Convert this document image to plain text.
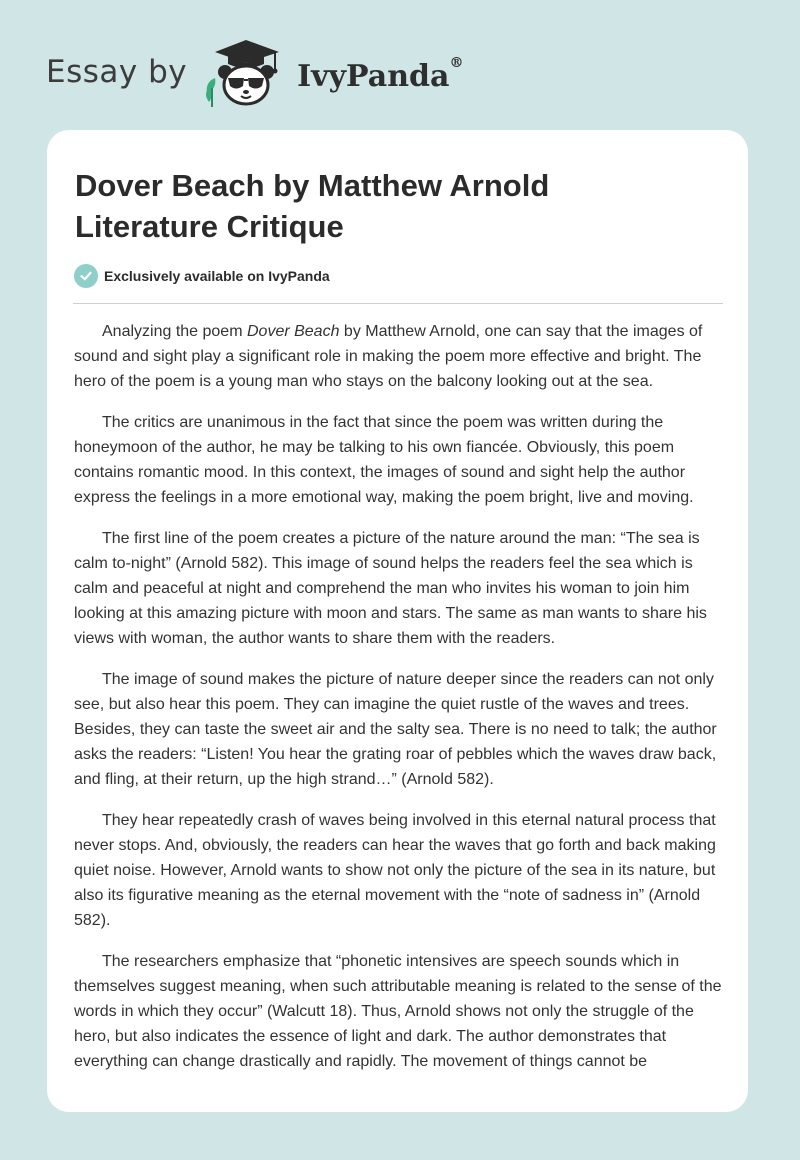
Essay by	IvyPanda®
Dover Beach by Matthew Arnold
Literature Critique
Exclusively available on IvyPanda

Analyzing the poem Dover Beach by Matthew Arnold, one can say that the images of sound and sight play a significant role in making the poem more effective and bright. The hero of the poem is a young man who stays on the balcony looking out at the sea.

The critics are unanimous in the fact that since the poem was written during the honeymoon of the author, he may be talking to his own fiancée. Obviously, this poem contains romantic mood. In this context, the images of sound and sight help the author express the feelings in a more emotional way, making the poem bright, live and moving.

The first line of the poem creates a picture of the nature around the man: “The sea is calm to-night” (Arnold 582). This image of sound helps the readers feel the sea which is calm and peaceful at night and comprehend the man who invites his woman to join him looking at this amazing picture with moon and stars. The same as man wants to share his views with woman, the author wants to share them with the readers.

The image of sound makes the picture of nature deeper since the readers can not only see, but also hear this poem. They can imagine the quiet rustle of the waves and trees. Besides, they can taste the sweet air and the salty sea. There is no need to talk; the author asks the readers: “Listen! You hear the grating roar of pebbles which the waves draw back, and fling, at their return, up the high strand…” (Arnold 582).

They hear repeatedly crash of waves being involved in this eternal natural process that never stops. And, obviously, the readers can hear the waves that go forth and back making quiet noise. However, Arnold wants to show not only the picture of the sea in its nature, but also its figurative meaning as the eternal movement with the “note of sadness in” (Arnold 582).

The researchers emphasize that “phonetic intensives are speech sounds which in themselves suggest meaning, when such attributable meaning is related to the sense of the words in which they occur” (Walcutt 18). Thus, Arnold shows not only the struggle of the hero, but also indicates the essence of light and dark. The author demonstrates that everything can change drastically and rapidly. The movement of things cannot be
